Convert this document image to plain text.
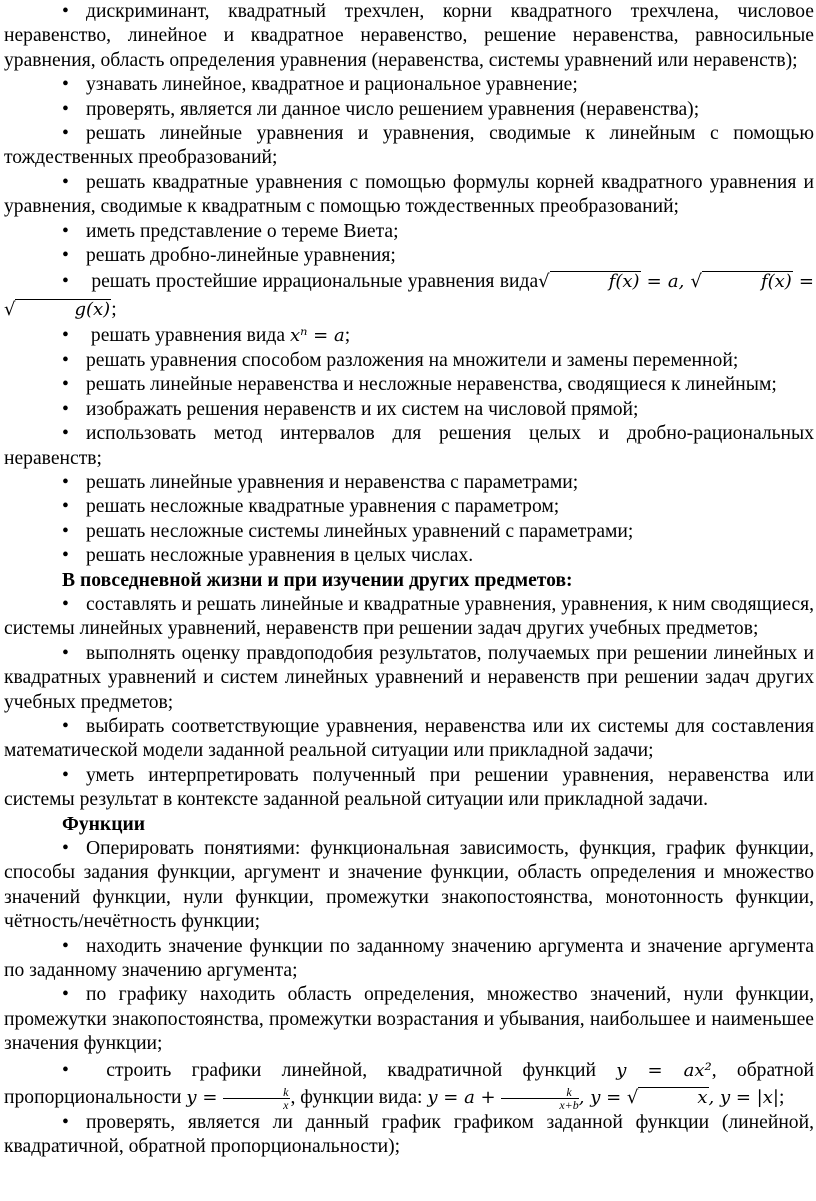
• дискриминант, квадратный трехчлен, корни квадратного трехчлена, числовое неравенство, линейное и квадратное неравенство, решение неравенства, равносильные уравнения, область определения уравнения (неравенства, системы уравнений или неравенств);

• узнавать линейное, квадратное и рациональное уравнение;

• проверять, является ли данное число решением уравнения (неравенства);

• решать линейные уравнения и уравнения, сводимые к линейным с помощью тождественных преобразований;

• решать квадратные уравнения с помощью формулы корней квадратного уравнения и уравнения, сводимые к квадратным с помощью тождественных преобразований;

• иметь представление о тереме Виета;

• решать дробно-линейные уравнения;

• решать простейшие иррациональные уравнения вида√	f(x) = a, √	f(x) = √	g(x);

• решать уравнения вида xⁿ = a;

• решать уравнения способом разложения на множители и замены переменной;

• решать линейные неравенства и несложные неравенства, сводящиеся к линейным;

• изображать решения неравенств и их систем на числовой прямой;

• использовать метод интервалов для решения целых и дробно-рациональных неравенств;

• решать линейные уравнения и неравенства с параметрами;

• решать несложные квадратные уравнения с параметром;

• решать несложные системы линейных уравнений с параметрами;

• решать несложные уравнения в целых числах.

В повседневной жизни и при изучении других предметов:

• составлять и решать линейные и квадратные уравнения, уравнения, к ним сводящиеся, системы линейных уравнений, неравенств при решении задач других учебных предметов;

• выполнять оценку правдоподобия результатов, получаемых при решении линейных и квадратных уравнений и систем линейных уравнений и неравенств при решении задач других учебных предметов;

• выбирать соответствующие уравнения, неравенства или их системы для составления математической модели заданной реальной ситуации или прикладной задачи;

• уметь интерпретировать полученный при решении уравнения, неравенства или системы результат в контексте заданной реальной ситуации или прикладной задачи.

Функции

• Оперировать понятиями: функциональная зависимость, функция, график функции, способы задания функции, аргумент и значение функции, область определения и множество значений функции, нули функции, промежутки знакопостоянства, монотонность функции, чётность/нечётность функции;

• находить значение функции по заданному значению аргумента и значение аргумента по заданному значению аргумента;

• по графику находить область определения, множество значений, нули функции, промежутки знакопостоянства, промежутки возрастания и убывания, наибольшее и наименьшее значения функции;

• строить графики линейной, квадратичной функций y = ax², обратной пропорциональности $y = \frac{k}{x}$ , функции вида: $y = a + \frac{k}{x+b}$ , y = √	x, y = |x|;

• проверять, является ли данный график графиком заданной функции (линейной, квадратичной, обратной пропорциональности);
